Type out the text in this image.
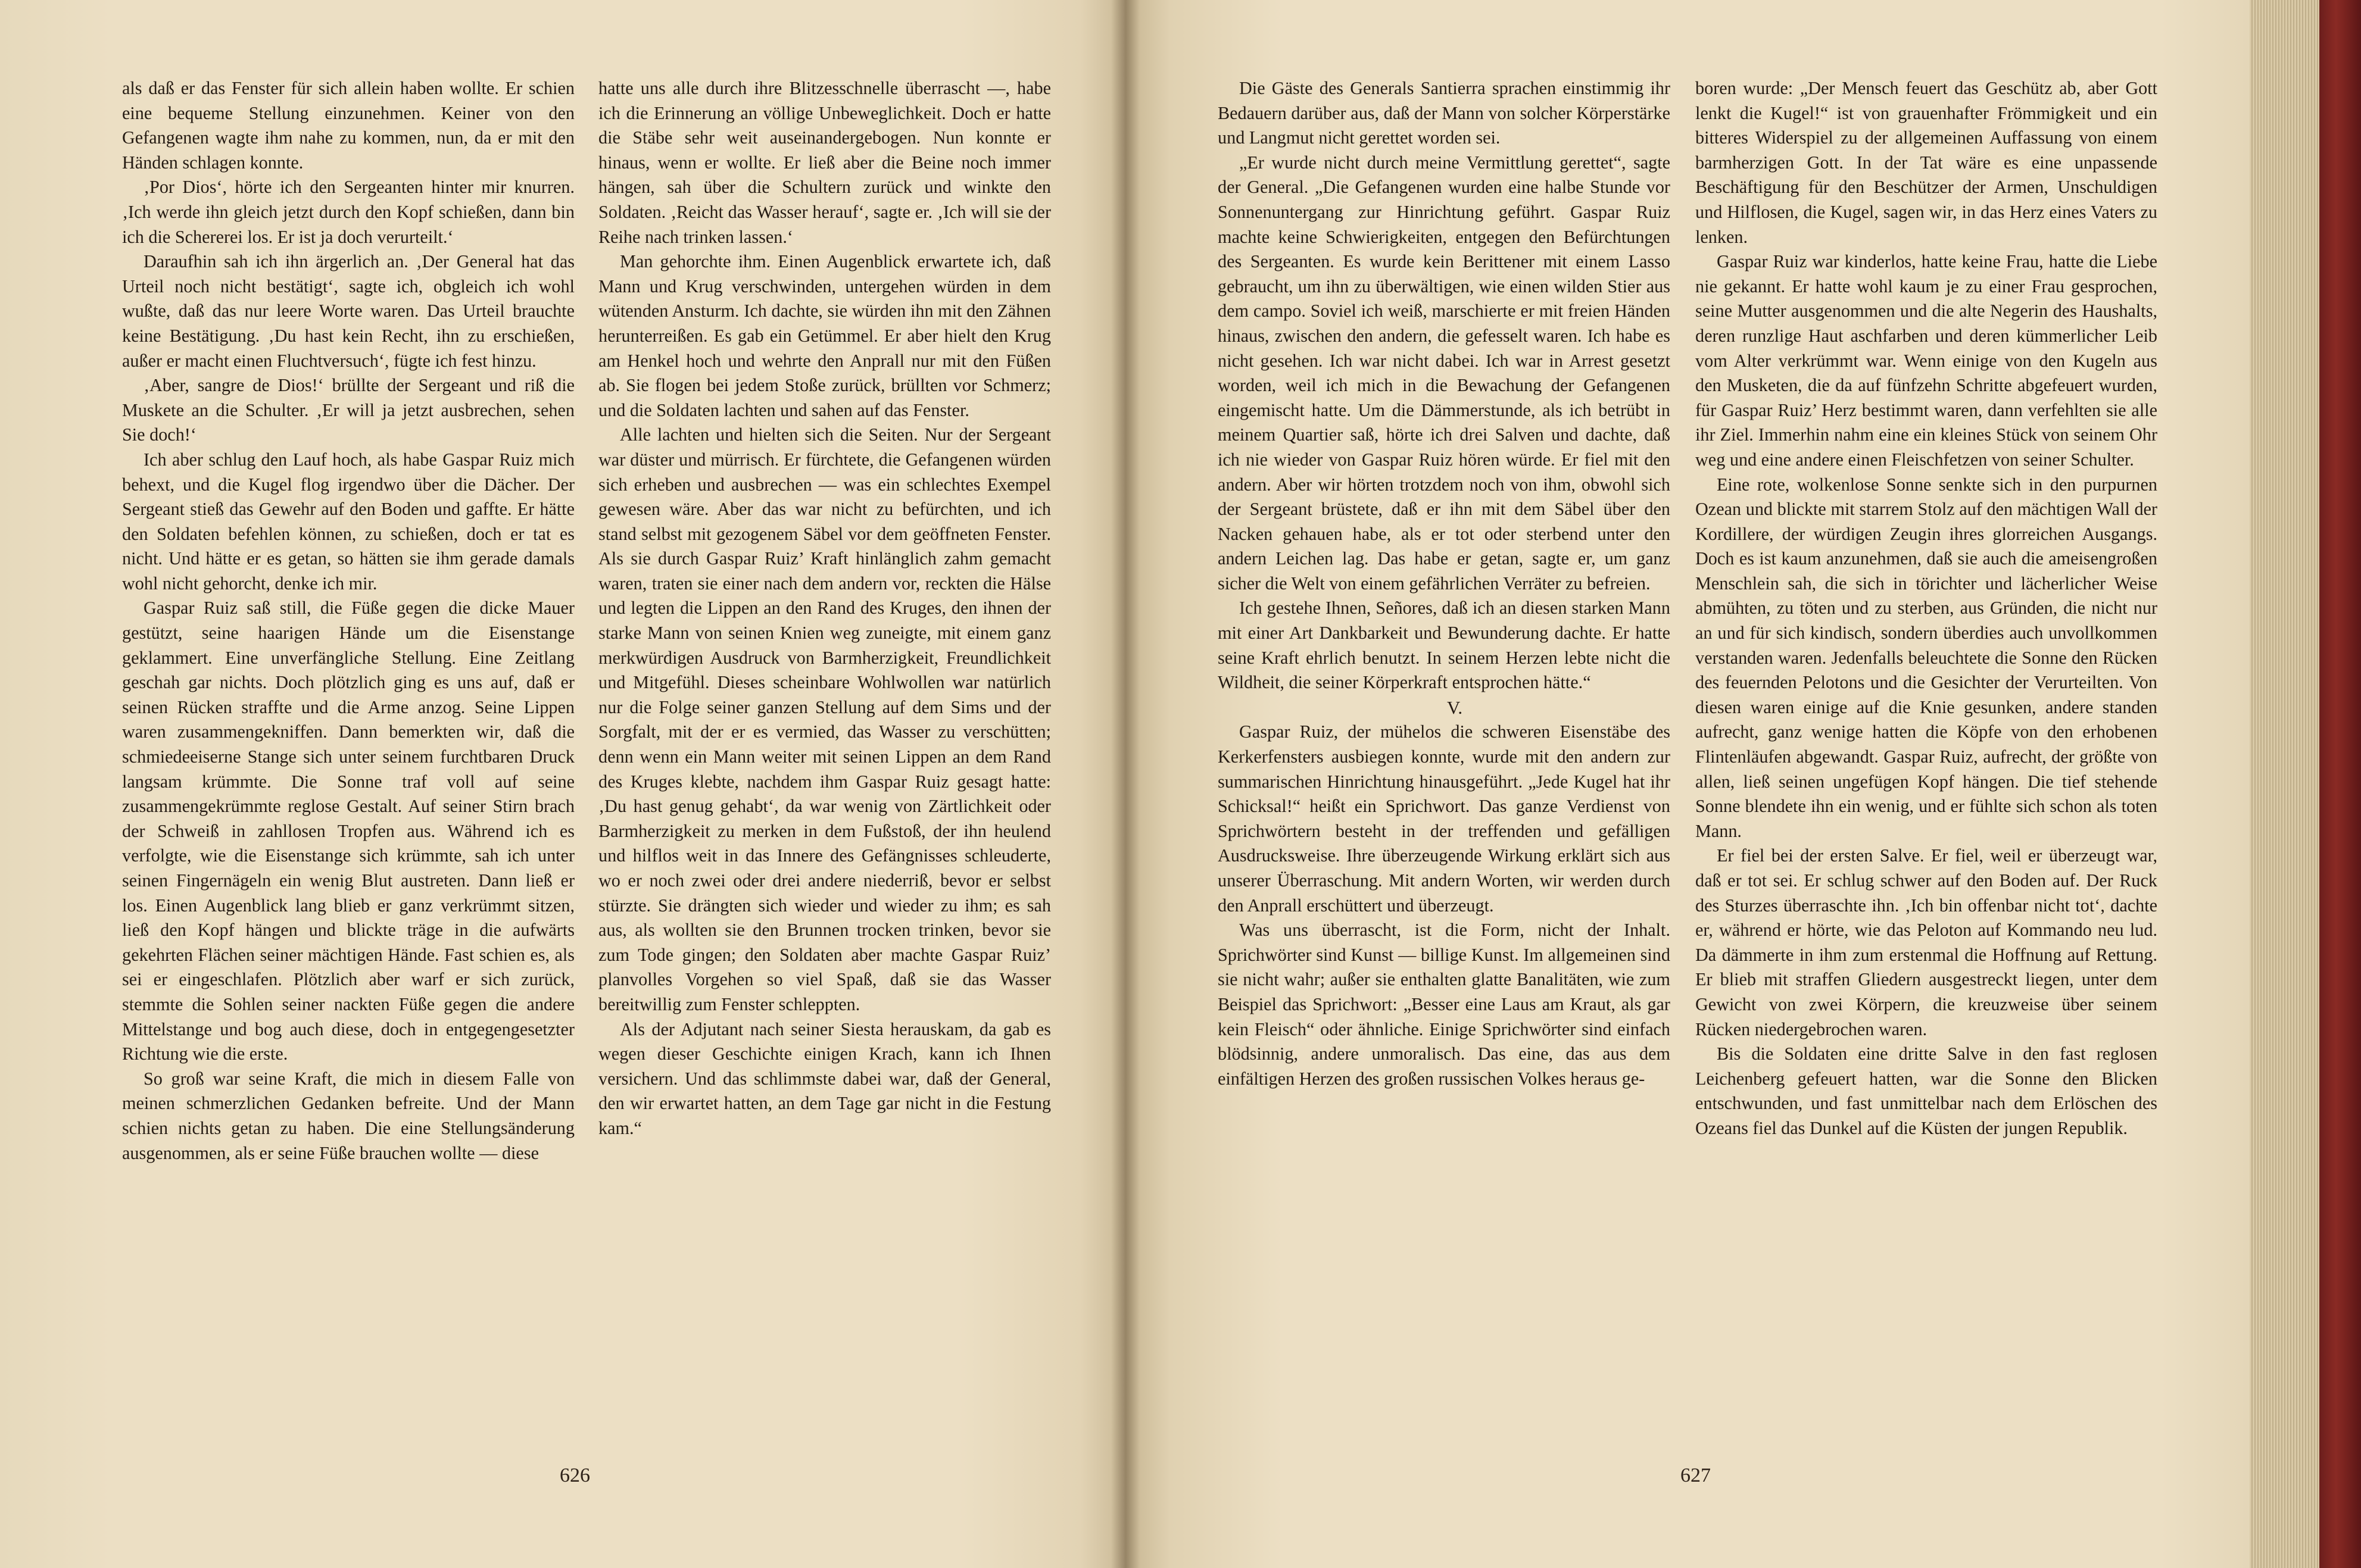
als daß er das Fenster für sich allein haben wollte. Er schien eine bequeme Stellung einzunehmen. Keiner von den Gefangenen wagte ihm nahe zu kommen, nun, da er mit den Händen schlagen konnte.

‚Por Dios‘, hörte ich den Sergeanten hinter mir knurren. ‚Ich werde ihn gleich jetzt durch den Kopf schießen, dann bin ich die Schererei los. Er ist ja doch verurteilt.‘

Daraufhin sah ich ihn ärgerlich an. ‚Der General hat das Urteil noch nicht bestätigt‘, sagte ich, obgleich ich wohl wußte, daß das nur leere Worte waren. Das Urteil brauchte keine Bestätigung. ‚Du hast kein Recht, ihn zu erschießen, außer er macht einen Fluchtversuch‘, fügte ich fest hinzu.

‚Aber, sangre de Dios!‘ brüllte der Sergeant und riß die Muskete an die Schulter. ‚Er will ja jetzt ausbrechen, sehen Sie doch!‘

Ich aber schlug den Lauf hoch, als habe Gaspar Ruiz mich behext, und die Kugel flog irgendwo über die Dächer. Der Sergeant stieß das Gewehr auf den Boden und gaffte. Er hätte den Soldaten befehlen können, zu schießen, doch er tat es nicht. Und hätte er es getan, so hätten sie ihm gerade damals wohl nicht gehorcht, denke ich mir.

Gaspar Ruiz saß still, die Füße gegen die dicke Mauer gestützt, seine haarigen Hände um die Eisenstange geklammert. Eine unverfängliche Stellung. Eine Zeitlang geschah gar nichts. Doch plötzlich ging es uns auf, daß er seinen Rücken straffte und die Arme anzog. Seine Lippen waren zusammengekniffen. Dann bemerkten wir, daß die schmiedeeiserne Stange sich unter seinem furchtbaren Druck langsam krümmte. Die Sonne traf voll auf seine zusammengekrümmte reglose Gestalt. Auf seiner Stirn brach der Schweiß in zahllosen Tropfen aus. Während ich es verfolgte, wie die Eisenstange sich krümmte, sah ich unter seinen Fingernägeln ein wenig Blut austreten. Dann ließ er los. Einen Augenblick lang blieb er ganz verkrümmt sitzen, ließ den Kopf hängen und blickte träge in die aufwärts gekehrten Flächen seiner mächtigen Hände. Fast schien es, als sei er eingeschlafen. Plötzlich aber warf er sich zurück, stemmte die Sohlen seiner nackten Füße gegen die andere Mittelstange und bog auch diese, doch in entgegengesetzter Richtung wie die erste.

So groß war seine Kraft, die mich in diesem Falle von meinen schmerzlichen Gedanken befreite. Und der Mann schien nichts getan zu haben. Die eine Stellungsänderung ausgenommen, als er seine Füße brauchen wollte — diese

hatte uns alle durch ihre Blitzesschnelle überrascht —, habe ich die Erinnerung an völlige Unbeweglichkeit. Doch er hatte die Stäbe sehr weit auseinandergebogen. Nun konnte er hinaus, wenn er wollte. Er ließ aber die Beine noch immer hängen, sah über die Schultern zurück und winkte den Soldaten. ‚Reicht das Wasser herauf‘, sagte er. ‚Ich will sie der Reihe nach trinken lassen.‘

Man gehorchte ihm. Einen Augenblick erwartete ich, daß Mann und Krug verschwinden, untergehen würden in dem wütenden Ansturm. Ich dachte, sie würden ihn mit den Zähnen herunterreißen. Es gab ein Getümmel. Er aber hielt den Krug am Henkel hoch und wehrte den Anprall nur mit den Füßen ab. Sie flogen bei jedem Stoße zurück, brüllten vor Schmerz; und die Soldaten lachten und sahen auf das Fenster.

Alle lachten und hielten sich die Seiten. Nur der Sergeant war düster und mürrisch. Er fürchtete, die Gefangenen würden sich erheben und ausbrechen — was ein schlechtes Exempel gewesen wäre. Aber das war nicht zu befürchten, und ich stand selbst mit gezogenem Säbel vor dem geöffneten Fenster. Als sie durch Gaspar Ruiz’ Kraft hinlänglich zahm gemacht waren, traten sie einer nach dem andern vor, reckten die Hälse und legten die Lippen an den Rand des Kruges, den ihnen der starke Mann von seinen Knien weg zuneigte, mit einem ganz merkwürdigen Ausdruck von Barmherzigkeit, Freundlichkeit und Mitgefühl. Dieses scheinbare Wohlwollen war natürlich nur die Folge seiner ganzen Stellung auf dem Sims und der Sorgfalt, mit der er es vermied, das Wasser zu verschütten; denn wenn ein Mann weiter mit seinen Lippen an dem Rand des Kruges klebte, nachdem ihm Gaspar Ruiz gesagt hatte: ‚Du hast genug gehabt‘, da war wenig von Zärtlichkeit oder Barmherzigkeit zu merken in dem Fußstoß, der ihn heulend und hilflos weit in das Innere des Gefängnisses schleuderte, wo er noch zwei oder drei andere niederriß, bevor er selbst stürzte. Sie drängten sich wieder und wieder zu ihm; es sah aus, als wollten sie den Brunnen trocken trinken, bevor sie zum Tode gingen; den Soldaten aber machte Gaspar Ruiz’ planvolles Vorgehen so viel Spaß, daß sie das Wasser bereitwillig zum Fenster schleppten.

Als der Adjutant nach seiner Siesta herauskam, da gab es wegen dieser Geschichte einigen Krach, kann ich Ihnen versichern. Und das schlimmste dabei war, daß der General, den wir erwartet hatten, an dem Tage gar nicht in die Festung kam.“

626

Die Gäste des Generals Santierra sprachen einstimmig ihr Bedauern darüber aus, daß der Mann von solcher Körperstärke und Langmut nicht gerettet worden sei.

„Er wurde nicht durch meine Vermittlung gerettet“, sagte der General. „Die Gefangenen wurden eine halbe Stunde vor Sonnenuntergang zur Hinrichtung geführt. Gaspar Ruiz machte keine Schwierigkeiten, entgegen den Befürchtungen des Sergeanten. Es wurde kein Berittener mit einem Lasso gebraucht, um ihn zu überwältigen, wie einen wilden Stier aus dem campo. Soviel ich weiß, marschierte er mit freien Händen hinaus, zwischen den andern, die gefesselt waren. Ich habe es nicht gesehen. Ich war nicht dabei. Ich war in Arrest gesetzt worden, weil ich mich in die Bewachung der Gefangenen eingemischt hatte. Um die Dämmerstunde, als ich betrübt in meinem Quartier saß, hörte ich drei Salven und dachte, daß ich nie wieder von Gaspar Ruiz hören würde. Er fiel mit den andern. Aber wir hörten trotzdem noch von ihm, obwohl sich der Sergeant brüstete, daß er ihn mit dem Säbel über den Nacken gehauen habe, als er tot oder sterbend unter den andern Leichen lag. Das habe er getan, sagte er, um ganz sicher die Welt von einem gefährlichen Verräter zu befreien.

Ich gestehe Ihnen, Señores, daß ich an diesen starken Mann mit einer Art Dankbarkeit und Bewunderung dachte. Er hatte seine Kraft ehrlich benutzt. In seinem Herzen lebte nicht die Wildheit, die seiner Körperkraft entsprochen hätte.“

V.

Gaspar Ruiz, der mühelos die schweren Eisenstäbe des Kerkerfensters ausbiegen konnte, wurde mit den andern zur summarischen Hinrichtung hinausgeführt. „Jede Kugel hat ihr Schicksal!“ heißt ein Sprichwort. Das ganze Verdienst von Sprichwörtern besteht in der treffenden und gefälligen Ausdrucksweise. Ihre überzeugende Wirkung erklärt sich aus unserer Überraschung. Mit andern Worten, wir werden durch den Anprall erschüttert und überzeugt.

Was uns überrascht, ist die Form, nicht der Inhalt. Sprichwörter sind Kunst — billige Kunst. Im allgemeinen sind sie nicht wahr; außer sie enthalten glatte Banalitäten, wie zum Beispiel das Sprichwort: „Besser eine Laus am Kraut, als gar kein Fleisch“ oder ähnliche. Einige Sprichwörter sind einfach blödsinnig, andere unmoralisch. Das eine, das aus dem einfältigen Herzen des großen russischen Volkes heraus ge-

boren wurde: „Der Mensch feuert das Geschütz ab, aber Gott lenkt die Kugel!“ ist von grauenhafter Frömmigkeit und ein bitteres Widerspiel zu der allgemeinen Auffassung von einem barmherzigen Gott. In der Tat wäre es eine unpassende Beschäftigung für den Beschützer der Armen, Unschuldigen und Hilflosen, die Kugel, sagen wir, in das Herz eines Vaters zu lenken.

Gaspar Ruiz war kinderlos, hatte keine Frau, hatte die Liebe nie gekannt. Er hatte wohl kaum je zu einer Frau gesprochen, seine Mutter ausgenommen und die alte Negerin des Haushalts, deren runzlige Haut aschfarben und deren kümmerlicher Leib vom Alter verkrümmt war. Wenn einige von den Kugeln aus den Musketen, die da auf fünfzehn Schritte abgefeuert wurden, für Gaspar Ruiz’ Herz bestimmt waren, dann verfehlten sie alle ihr Ziel. Immerhin nahm eine ein kleines Stück von seinem Ohr weg und eine andere einen Fleischfetzen von seiner Schulter.

Eine rote, wolkenlose Sonne senkte sich in den purpurnen Ozean und blickte mit starrem Stolz auf den mächtigen Wall der Kordillere, der würdigen Zeugin ihres glorreichen Ausgangs. Doch es ist kaum anzunehmen, daß sie auch die ameisengroßen Menschlein sah, die sich in törichter und lächerlicher Weise abmühten, zu töten und zu sterben, aus Gründen, die nicht nur an und für sich kindisch, sondern überdies auch unvollkommen verstanden waren. Jedenfalls beleuchtete die Sonne den Rücken des feuernden Pelotons und die Gesichter der Verurteilten. Von diesen waren einige auf die Knie gesunken, andere standen aufrecht, ganz wenige hatten die Köpfe von den erhobenen Flintenläufen abgewandt. Gaspar Ruiz, aufrecht, der größte von allen, ließ seinen ungefügen Kopf hängen. Die tief stehende Sonne blendete ihn ein wenig, und er fühlte sich schon als toten Mann.

Er fiel bei der ersten Salve. Er fiel, weil er überzeugt war, daß er tot sei. Er schlug schwer auf den Boden auf. Der Ruck des Sturzes überraschte ihn. ‚Ich bin offenbar nicht tot‘, dachte er, während er hörte, wie das Peloton auf Kommando neu lud. Da dämmerte in ihm zum erstenmal die Hoffnung auf Rettung. Er blieb mit straffen Gliedern ausgestreckt liegen, unter dem Gewicht von zwei Körpern, die kreuzweise über seinem Rücken niedergebrochen waren.

Bis die Soldaten eine dritte Salve in den fast reglosen Leichenberg gefeuert hatten, war die Sonne den Blicken entschwunden, und fast unmittelbar nach dem Erlöschen des Ozeans fiel das Dunkel auf die Küsten der jungen Republik.

627
